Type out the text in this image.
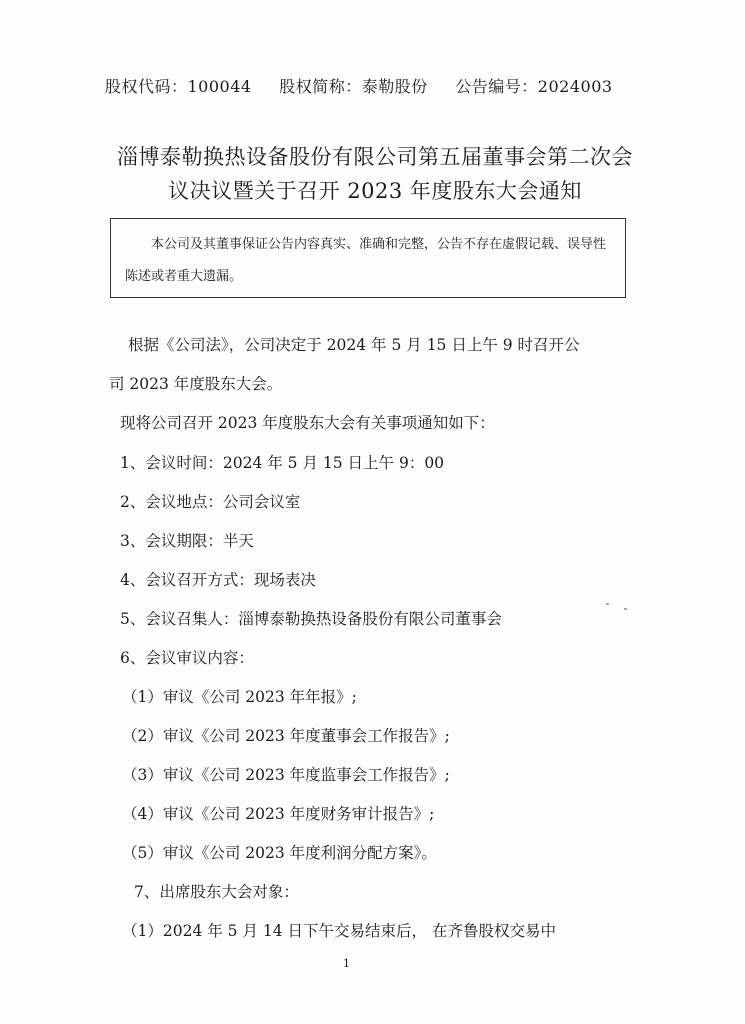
股权代码：100044 股权简称：泰勒股份 公告编号：2024003
淄博泰勒换热设备股份有限公司第五届董事会第二次会
议决议暨关于召开 2023 年度股东大会通知
本公司及其董事保证公告内容真实、准确和完整，公告不存在虚假记载、误导性陈述或者重大遗漏。
根据《公司法》，公司决定于 2024 年 5 月 15 日上午 9 时召开公
司 2023 年度股东大会。
现将公司召开 2023 年度股东大会有关事项通知如下：
1、会议时间：2024 年 5 月 15 日上午 9：00
2、会议地点：公司会议室
3、会议期限：半天
4、会议召开方式：现场表决
5、会议召集人：淄博泰勒换热设备股份有限公司董事会
6、会议审议内容：
（1）审议《公司 2023 年年报》;
（2）审议《公司 2023 年度董事会工作报告》;
（3）审议《公司 2023 年度监事会工作报告》;
（4）审议《公司 2023 年度财务审计报告》;
（5）审议《公司 2023 年度利润分配方案》。
7、出席股东大会对象：
（1）2024 年 5 月 14 日下午交易结束后， 在齐鲁股权交易中
1
